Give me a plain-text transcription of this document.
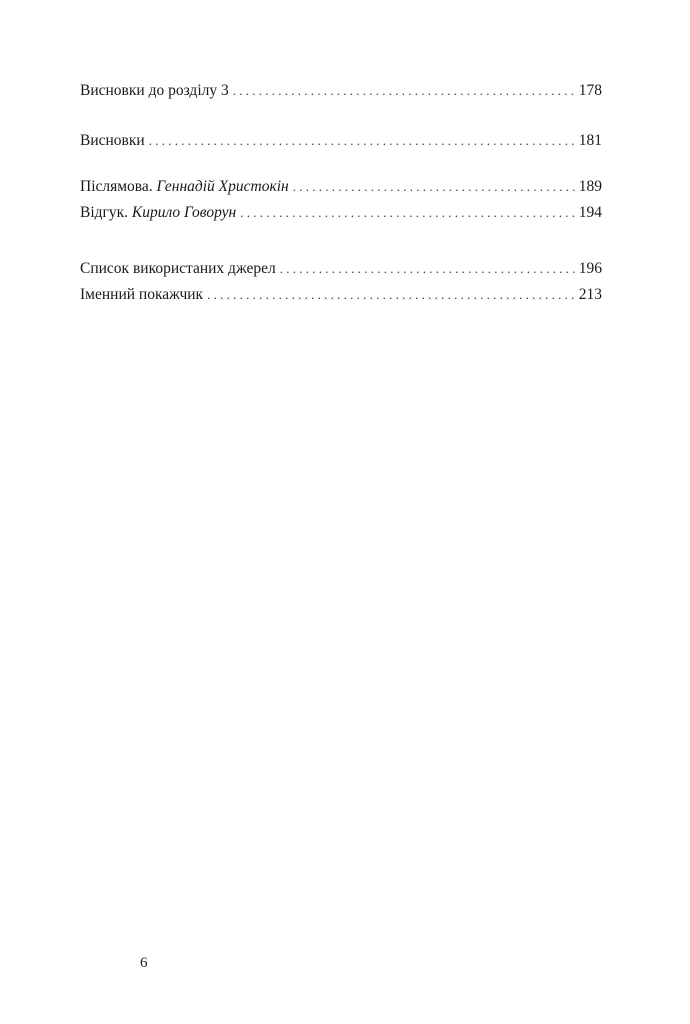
Висновки до розділу 3 . . .	178
Висновки . . .	181
Післямова. Геннадій Христокін . . .	189
Відгук. Кирило Говорун . . .	194
Список використаних джерел . . .	196
Іменний покажчик . . .	213
6
